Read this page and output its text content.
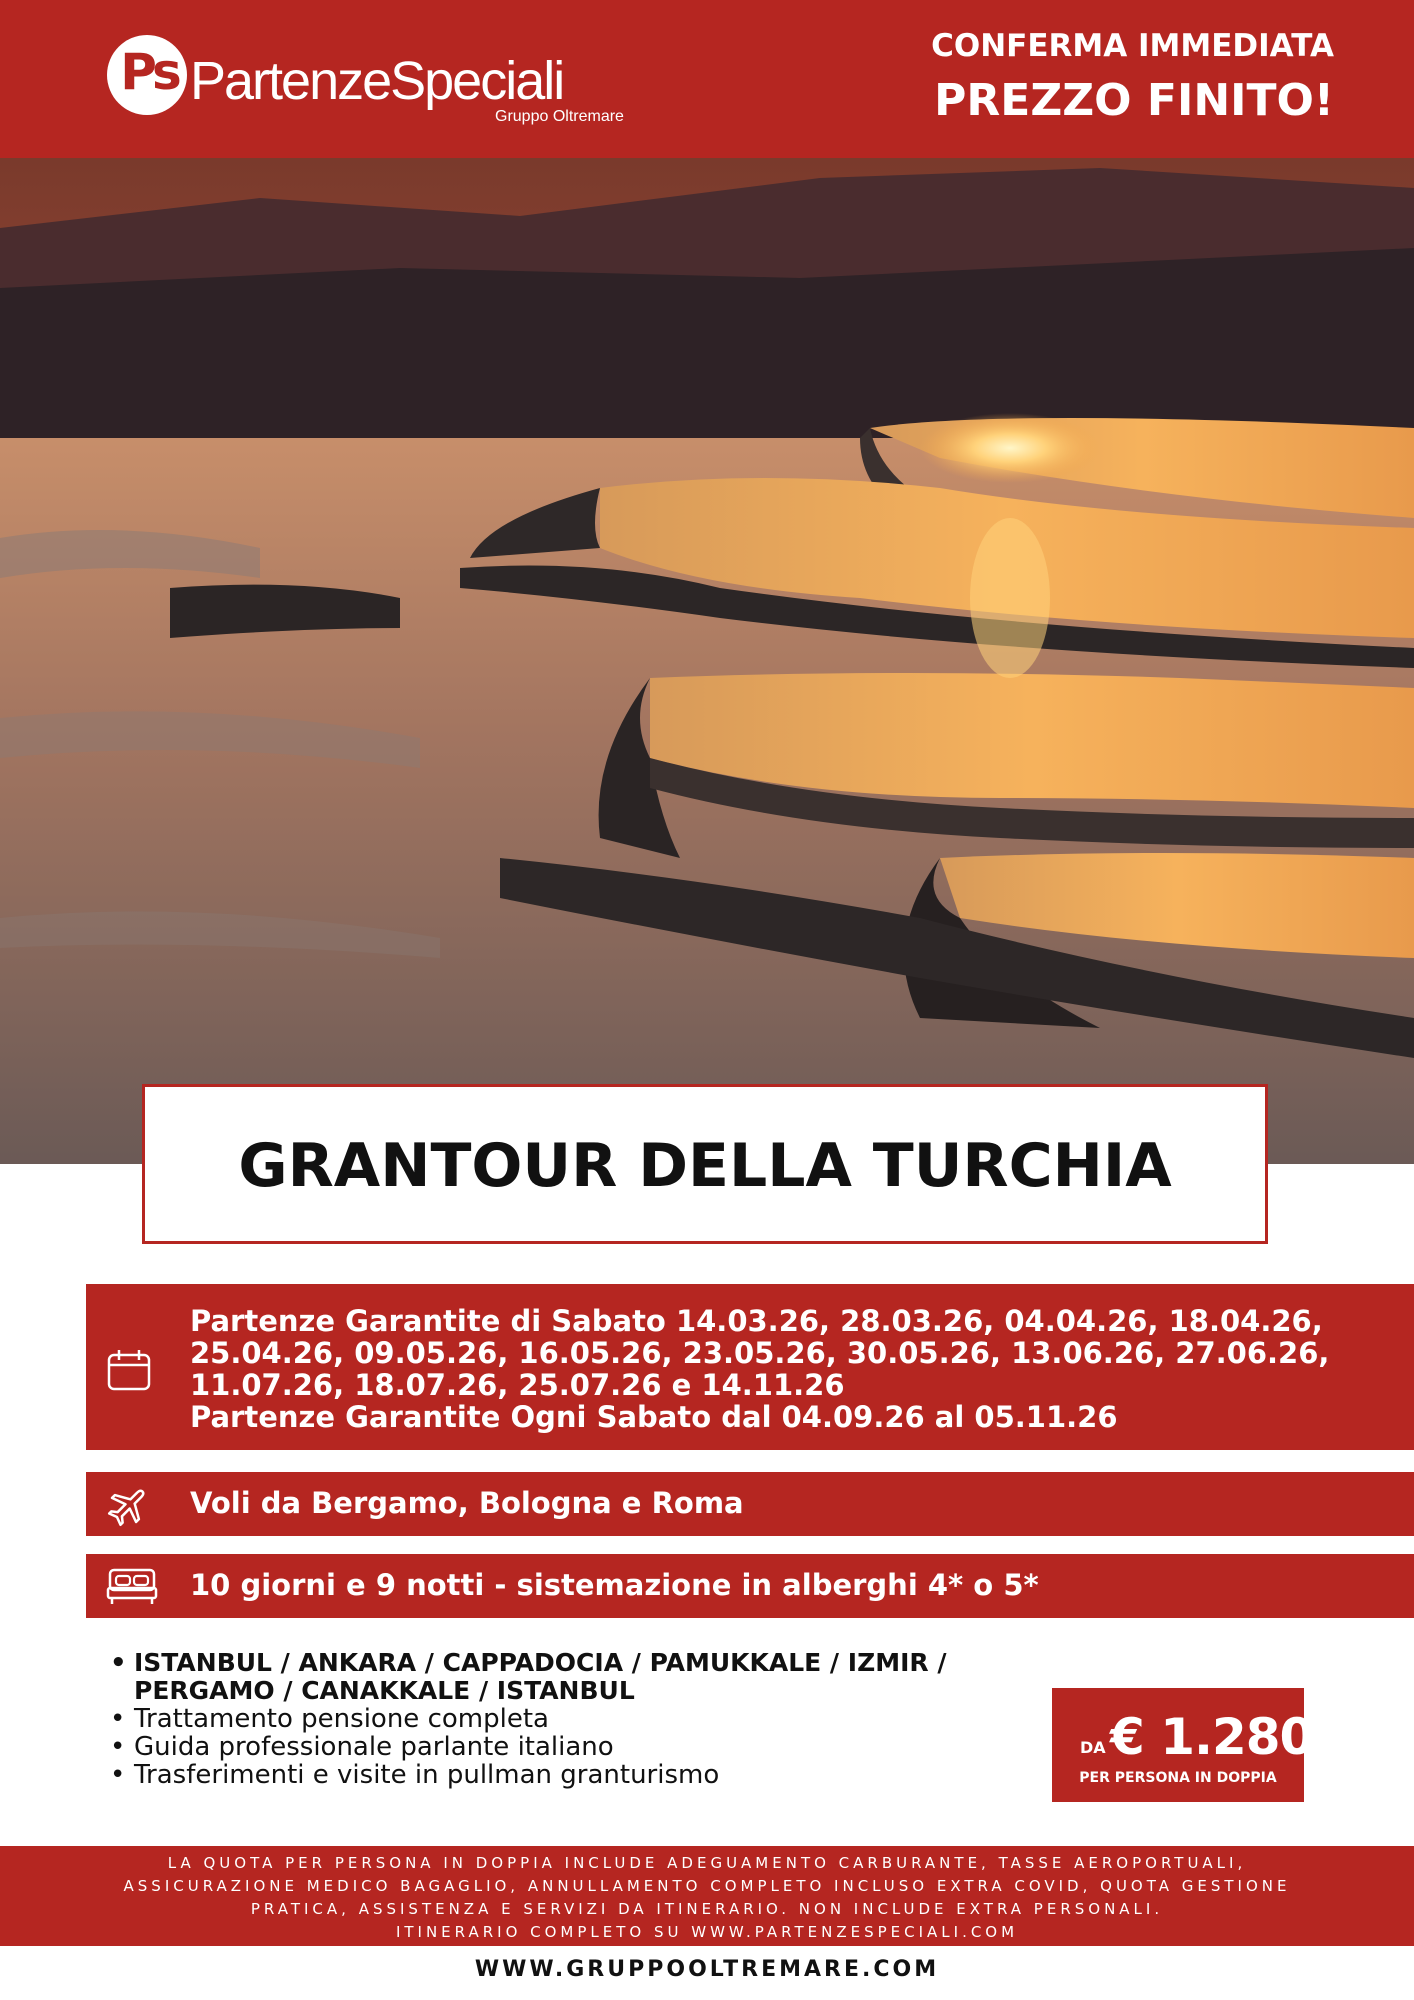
Ps PartenzeSpeciali
Gruppo Oltremare
CONFERMA IMMEDIATA
PREZZO FINITO!
GRANTOUR DELLA TURCHIA
Partenze Garantite di Sabato 14.03.26, 28.03.26, 04.04.26, 18.04.26,
25.04.26, 09.05.26, 16.05.26, 23.05.26, 30.05.26, 13.06.26, 27.06.26,
11.07.26, 18.07.26, 25.07.26 e 14.11.26
Partenze Garantite Ogni Sabato dal 04.09.26 al 05.11.26
Voli da Bergamo, Bologna e Roma
10 giorni e 9 notti - sistemazione in alberghi 4* o 5*
• ISTANBUL / ANKARA / CAPPADOCIA / PAMUKKALE / IZMIR /
PERGAMO / CANAKKALE / ISTANBUL
• Trattamento pensione completa
• Guida professionale parlante italiano
• Trasferimenti e visite in pullman granturismo
DA € 1.280
PER PERSONA IN DOPPIA
LA QUOTA PER PERSONA IN DOPPIA INCLUDE ADEGUAMENTO CARBURANTE, TASSE AEROPORTUALI,
ASSICURAZIONE MEDICO BAGAGLIO, ANNULLAMENTO COMPLETO INCLUSO EXTRA COVID, QUOTA GESTIONE
PRATICA, ASSISTENZA E SERVIZI DA ITINERARIO. NON INCLUDE EXTRA PERSONALI.
ITINERARIO COMPLETO SU WWW.PARTENZESPECIALI.COM
WWW.GRUPPOOLTREMARE.COM
